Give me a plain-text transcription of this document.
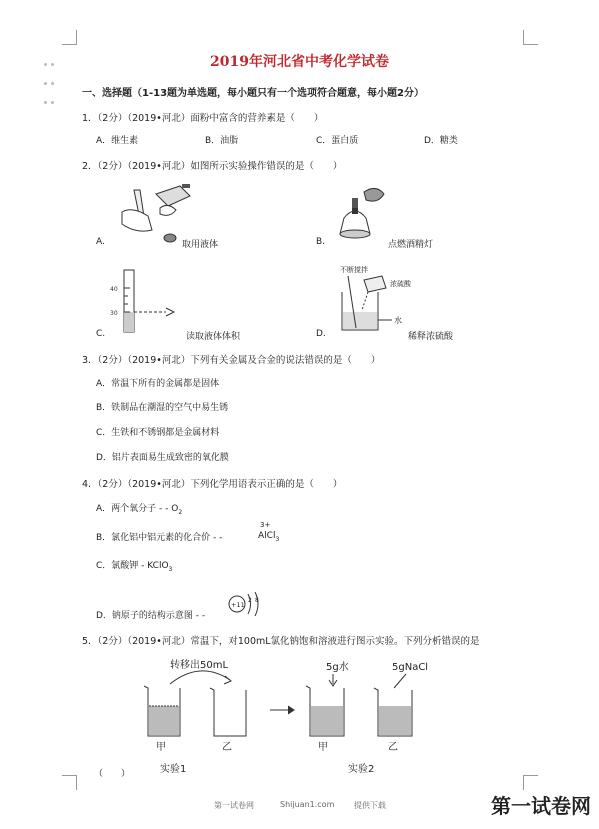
2019年河北省中考化学试卷
一、选择题（1-13题为单选题，每小题只有一个选项符合题意，每小题2分）
1．（2分）（2019•河北）面粉中富含的营养素是（　　）
A．维生素	B．油脂	C．蛋白质	D．糖类
2．（2分）（2019•河北）如图所示实验操作错误的是（　　）
A.	取用液体	B.	点燃酒精灯
40
30
C.	读取液体体积
不断搅拌
浓硫酸
水
D.	稀释浓硫酸
3．（2分）（2019•河北）下列有关金属及合金的说法错误的是（　　）
A．常温下所有的金属都是固体
B．铁制品在潮湿的空气中易生锈
C．生铁和不锈钢都是金属材料
D．铝片表面易生成致密的氧化膜
4．（2分）（2019•河北）下列化学用语表示正确的是（　　）
A．两个氧分子 - - $O_2$
B．氯化铝中铝元素的化合价 - -
3+
AlCl$_3$
C．氯酸钾 - KClO$_3$
D．钠原子的结构示意图 - -
+11
2 8
5．（2分）（2019•河北）常温下，对100mL氯化钠饱和溶液进行图示实验。下列分析错误的是
转移出50mL
甲	乙
实验1
5g水
甲
5gNaCl
乙
实验2
（　　）
第一试卷网	Shijuan1.com 提供下载	第一试卷网
